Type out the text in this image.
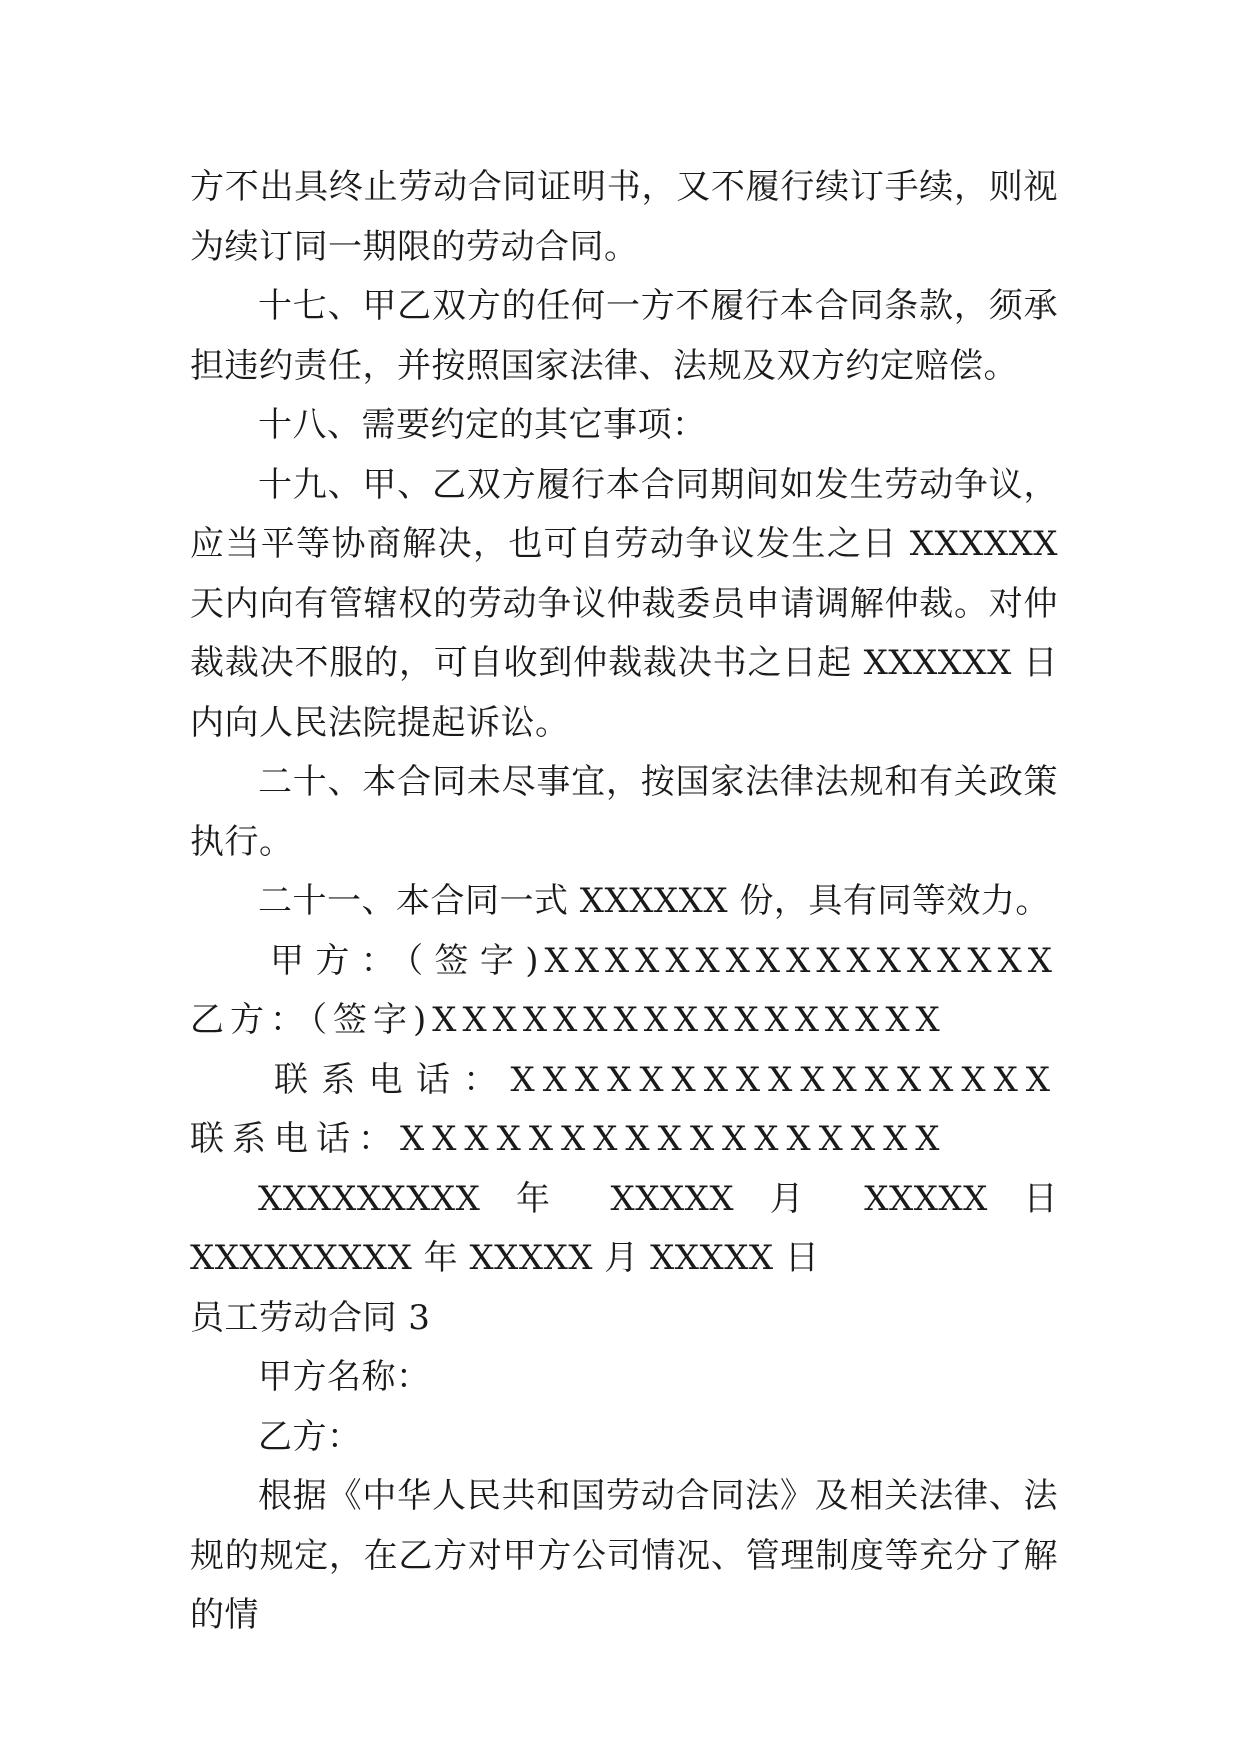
方不出具终止劳动合同证明书，又不履行续订手续，则视为续订同一期限的劳动合同。

十七、甲乙双方的任何一方不履行本合同条款，须承担违约责任，并按照国家法律、法规及双方约定赔偿。

十八、需要约定的其它事项：

十九、甲、乙双方履行本合同期间如发生劳动争议，应当平等协商解决，也可自劳动争议发生之日 XXXXXX 天内向有管辖权的劳动争议仲裁委员申请调解仲裁。对仲裁裁决不服的，可自收到仲裁裁决书之日起 XXXXXX 日内向人民法院提起诉讼。

二十、本合同未尽事宜，按国家法律法规和有关政策执行。

二十一、本合同一式 XXXXXX 份，具有同等效力。

甲方：（签字)XXXXXXXXXXXXXXXXX 乙方：（签字)XXXXXXXXXXXXXXXXX

联系电话：XXXXXXXXXXXXXXXXX 联系电话：XXXXXXXXXXXXXXXXX

XXXXXXXXX 年 XXXXX 月 XXXXX 日 XXXXXXXXX 年 XXXXX 月 XXXXX 日

员工劳动合同 3

甲方名称：

乙方：

根据《中华人民共和国劳动合同法》及相关法律、法规的规定，在乙方对甲方公司情况、管理制度等充分了解的情
